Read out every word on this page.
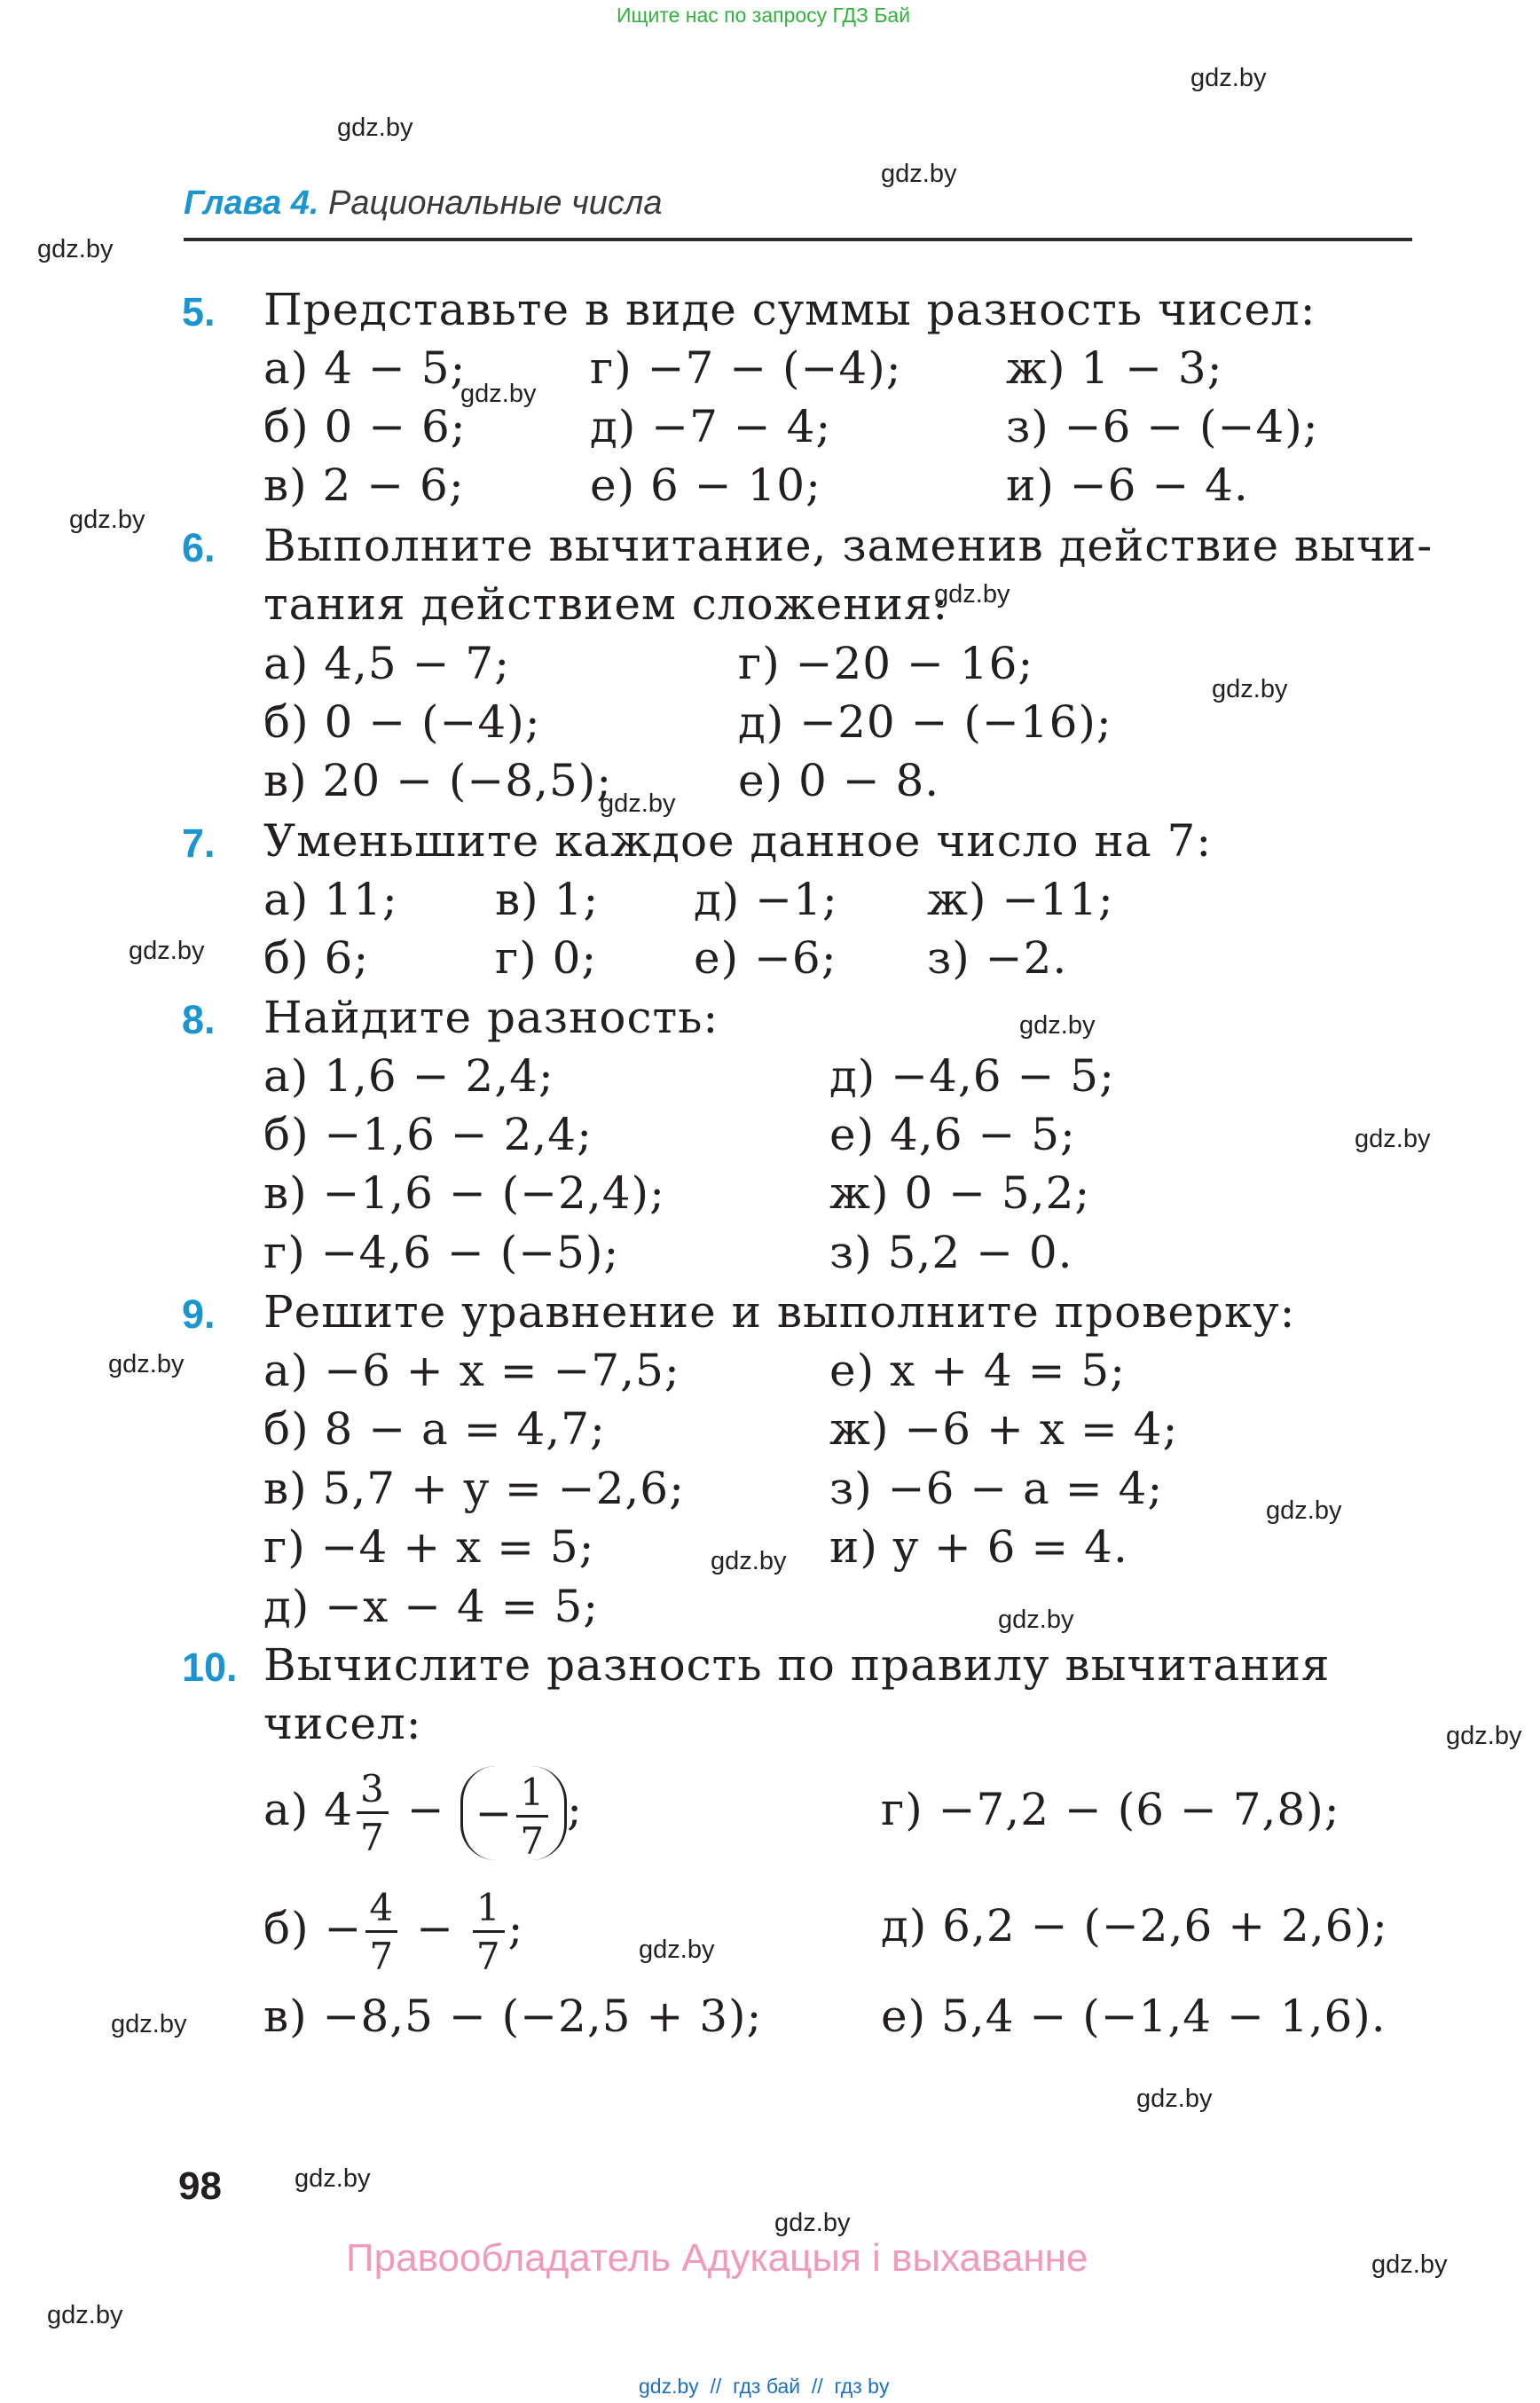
Ищите нас по запросу ГДЗ Бай
gdz.by
gdz.by
gdz.by
gdz.by
gdz.by
gdz.by
gdz.by
gdz.by
gdz.by
gdz.by
gdz.by
gdz.by
gdz.by
gdz.by
gdz.by
gdz.by
gdz.by
gdz.by
gdz.by
gdz.by
gdz.by
gdz.by
gdz.by
gdz.by
Глава 4. Рациональные числа
5. Представьте в виде суммы разность чисел:
а) 4 − 5;	г) −7 − (−4); ж) 1 − 3;
б) 0 − 6;	д) −7 − 4;	з) −6 − (−4);
в) 2 − 6;	е) 6 − 10;	и) −6 − 4.
6. Выполните вычитание, заменив действие вычи-
тания действием сложения:
а) 4,5 − 7;	г) −20 − 16;
б) 0 − (−4);	д) −20 − (−16);
в) 20 − (−8,5);	е) 0 − 8.
7. Уменьшите каждое данное число на 7:
а) 11; в) 1; д) −1; ж) −11;
б) 6;	г) 0; е) −6; з) −2.
8. Найдите разность:
а) 1,6 − 2,4;	д) −4,6 − 5;
б) −1,6 − 2,4;	е) 4,6 − 5;
в) −1,6 − (−2,4);	ж) 0 − 5,2;
г) −4,6 − (−5);	з) 5,2 − 0.
9. Решите уравнение и выполните проверку:
а) −6 + x = −7,5;	е) x + 4 = 5;
б) 8 − a = 4,7;	ж) −6 + x = 4;
в) 5,7 + y = −2,6;	з) −6 − a = 4;
г) −4 + x = 5;	и) y + 6 = 4.
д) −x − 4 = 5;
10. Вычислите разность по правилу вычитания
чисел:
а) $4 \frac{3}{7}$ − − $\frac{1}{7}$ ;	г) −7,2 − (6 − 7,8);
$б) - \frac{4}{7} - \frac{1}{7}$ ;	д) 6,2 − (−2,6 + 2,6);
в) −8,5 − (−2,5 + 3);	е) 5,4 − (−1,4 − 1,6).
98
Правообладатель Адукацыя і выхаванне
gdz.by  //  гдз бай  //  гдз by
